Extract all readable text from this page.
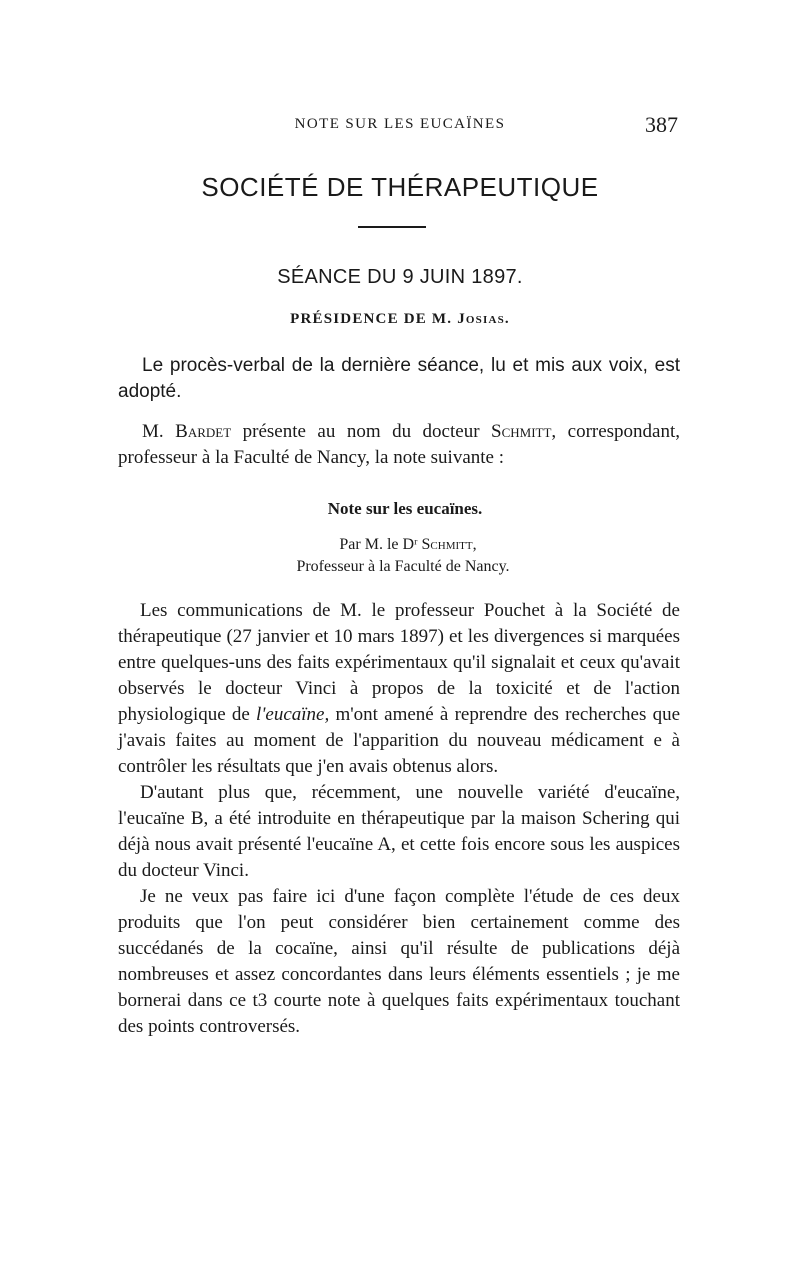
NOTE SUR LES EUCAÏNES	387
SOCIÉTÉ DE THÉRAPEUTIQUE
SÉANCE DU 9 JUIN 1897.
PRÉSIDENCE DE M. Josias.
Le procès-verbal de la dernière séance, lu et mis aux voix, est adopté.
M. Bardet présente au nom du docteur Schmitt, correspondant, professeur à la Faculté de Nancy, la note suivante :
Note sur les eucaïnes.
Par M. le Dʳ Schmitt,
Professeur à la Faculté de Nancy.

Les communications de M. le professeur Pouchet à la Société de thérapeutique (27 janvier et 10 mars 1897) et les divergences si marquées entre quelques-uns des faits expérimentaux qu'il signalait et ceux qu'avait observés le docteur Vinci à propos de la toxicité et de l'action physiologique de l'eucaïne, m'ont amené à reprendre des recherches que j'avais faites au moment de l'apparition du nouveau médicament e à contrôler les résultats que j'en avais obtenus alors.

D'autant plus que, récemment, une nouvelle variété d'eucaïne, l'eucaïne B, a été introduite en thérapeutique par la maison Schering qui déjà nous avait présenté l'eucaïne A, et cette fois encore sous les auspices du docteur Vinci.

Je ne veux pas faire ici d'une façon complète l'étude de ces deux produits que l'on peut considérer bien certainement comme des succédanés de la cocaïne, ainsi qu'il résulte de publications déjà nombreuses et assez concordantes dans leurs éléments essentiels ; je me bornerai dans ce t3 courte note à quelques faits expérimentaux touchant des points controversés.
